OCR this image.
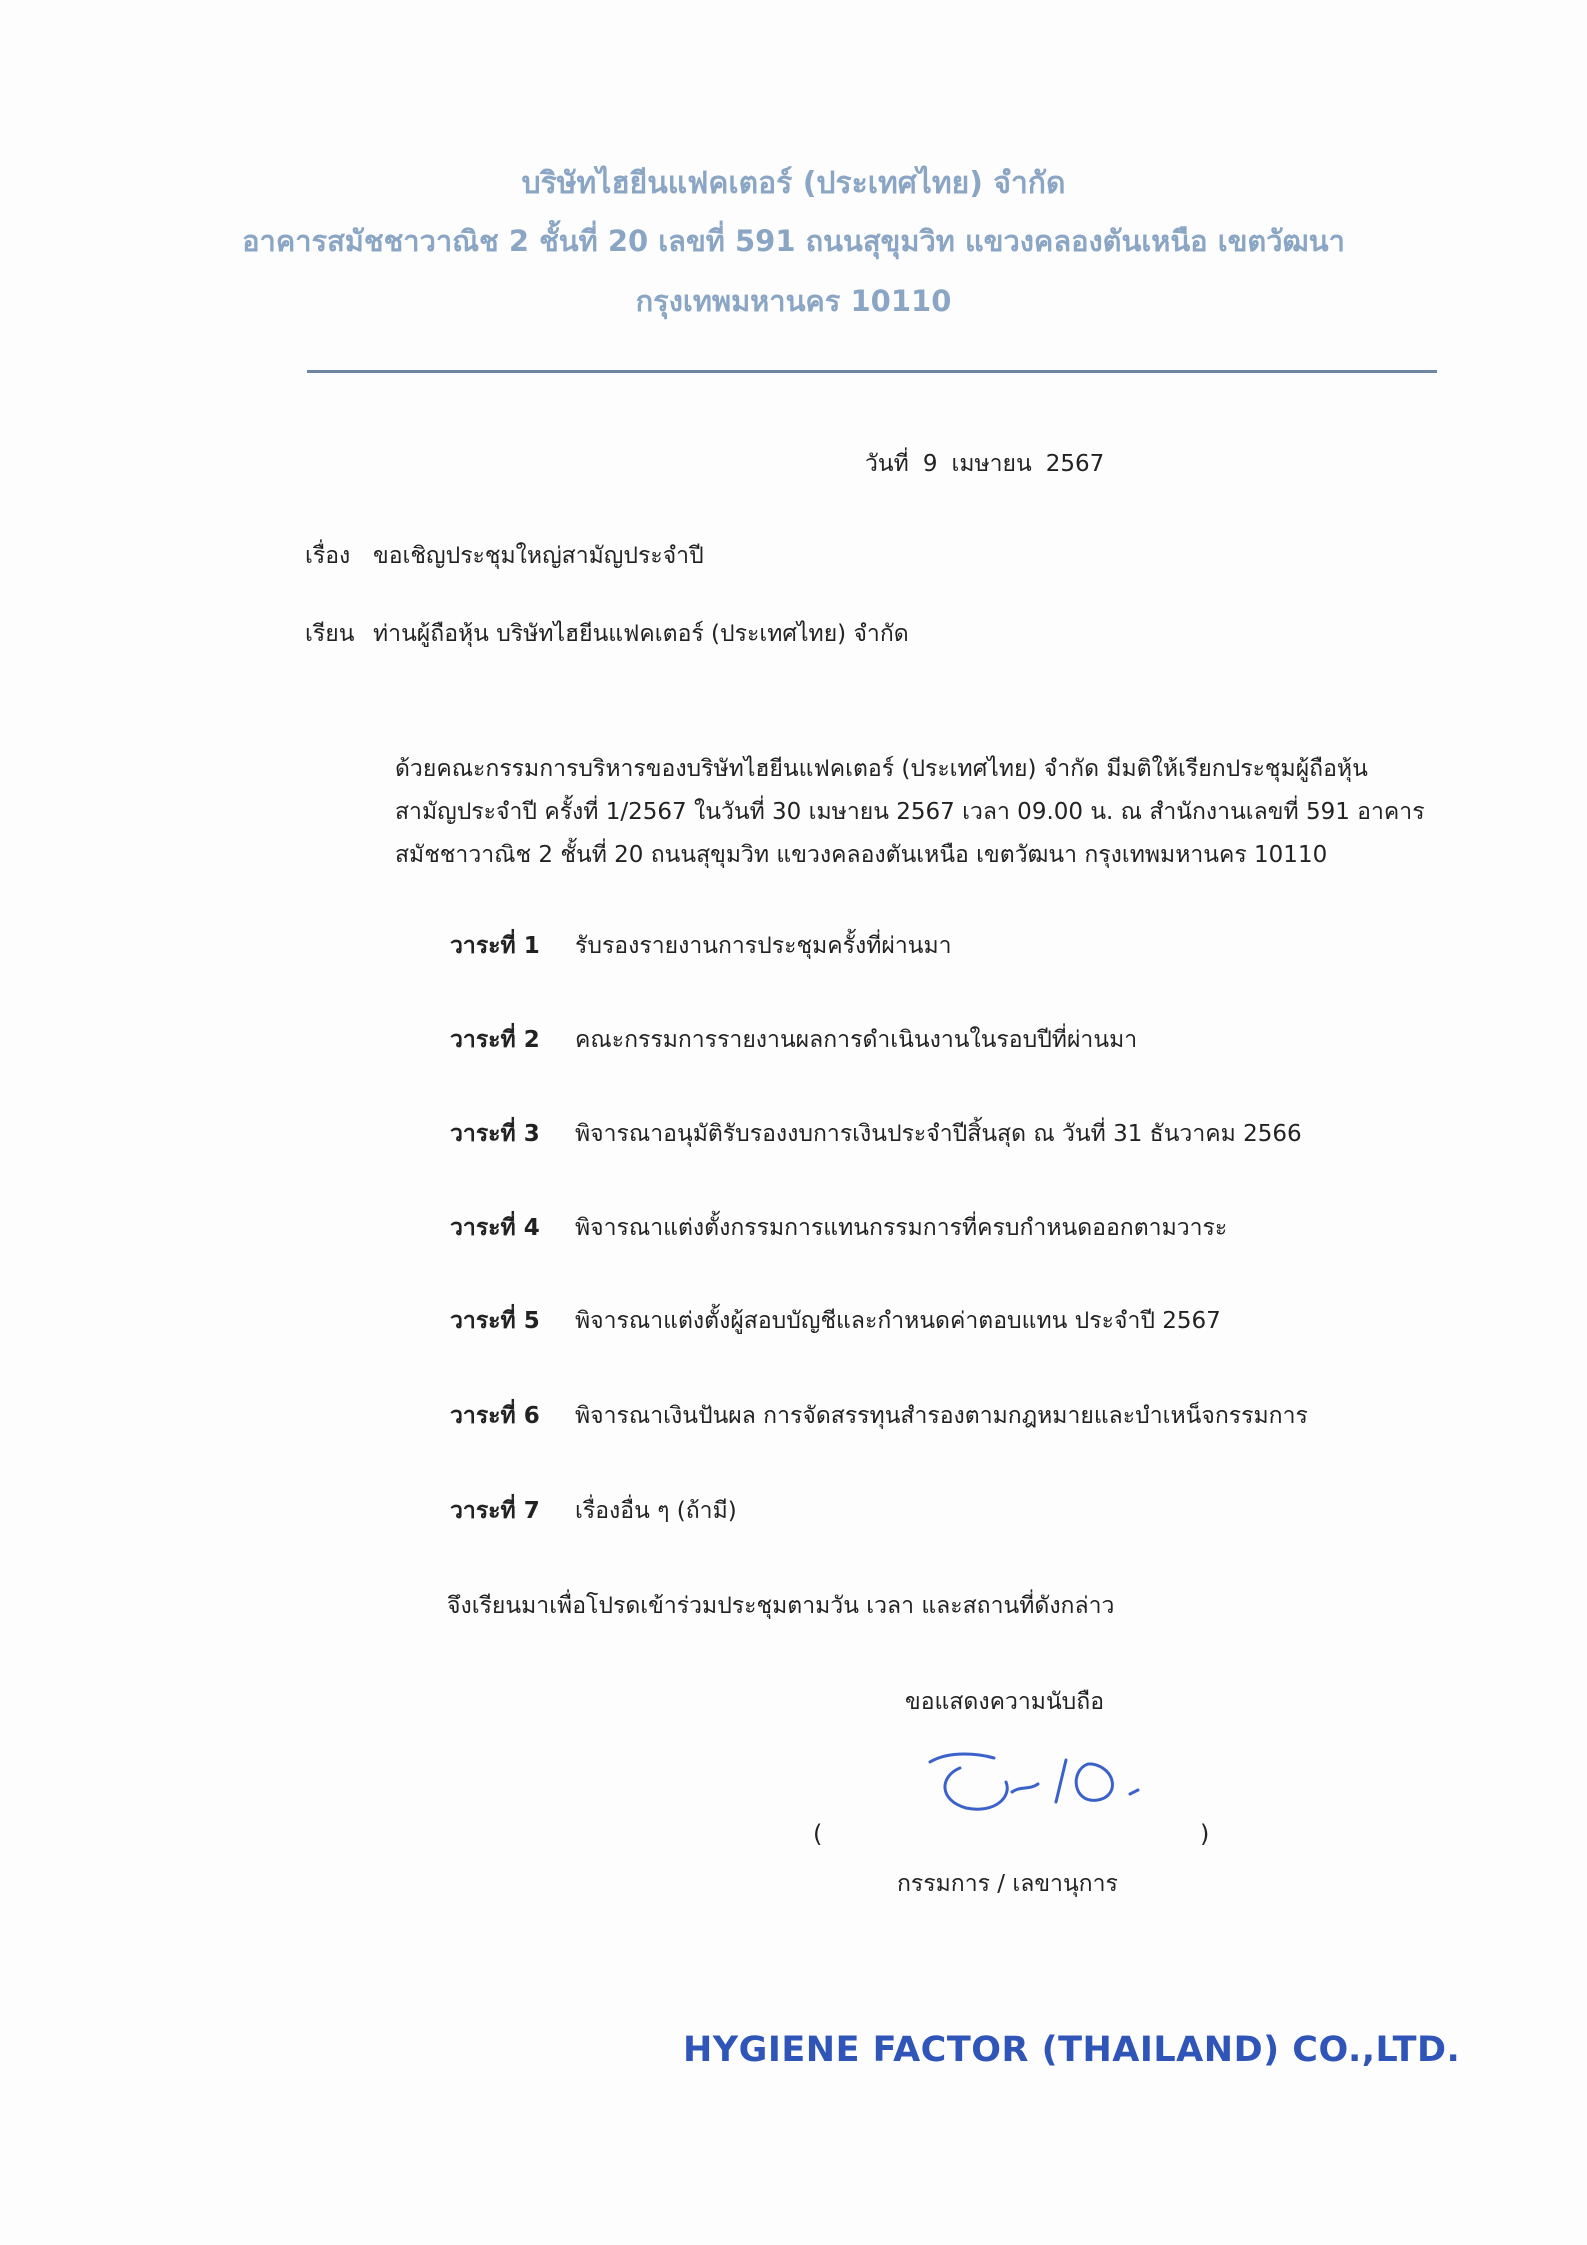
บริษัทไฮยีนแฟคเตอร์ (ประเทศไทย) จำกัด
อาคารสมัชชาวาณิช 2 ชั้นที่ 20 เลขที่ 591 ถนนสุขุมวิท แขวงคลองตันเหนือ เขตวัฒนา
กรุงเทพมหานคร 10110
วันที่ 9 เมษายน 2567
เรื่อง ขอเชิญประชุมใหญ่สามัญประจำปี
เรียน ท่านผู้ถือหุ้น บริษัทไฮยีนแฟคเตอร์ (ประเทศไทย) จำกัด

ด้วยคณะกรรมการบริหารของบริษัทไฮยีนแฟคเตอร์ (ประเทศไทย) จำกัด มีมติให้เรียกประชุมผู้ถือหุ้น

สามัญประจำปี ครั้งที่ 1/2567 ในวันที่ 30 เมษายน 2567 เวลา 09.00 น. ณ สำนักงานเลขที่ 591 อาคาร

สมัชชาวาณิช 2 ชั้นที่ 20 ถนนสุขุมวิท แขวงคลองตันเหนือ เขตวัฒนา กรุงเทพมหานคร 10110

วาระที่ 1 รับรองรายงานการประชุมครั้งที่ผ่านมา
วาระที่ 2 คณะกรรมการรายงานผลการดำเนินงานในรอบปีที่ผ่านมา
วาระที่ 3 พิจารณาอนุมัติรับรองงบการเงินประจำปีสิ้นสุด ณ วันที่ 31 ธันวาคม 2566
วาระที่ 4 พิจารณาแต่งตั้งกรรมการแทนกรรมการที่ครบกำหนดออกตามวาระ
วาระที่ 5 พิจารณาแต่งตั้งผู้สอบบัญชีและกำหนดค่าตอบแทน ประจำปี 2567
วาระที่ 6 พิจารณาเงินปันผล การจัดสรรทุนสำรองตามกฎหมายและบำเหน็จกรรมการ
วาระที่ 7 เรื่องอื่น ๆ (ถ้ามี)
จึงเรียนมาเพื่อโปรดเข้าร่วมประชุมตามวัน เวลา และสถานที่ดังกล่าว
ขอแสดงความนับถือ
(	)
กรรมการ / เลขานุการ
HYGIENE FACTOR (THAILAND) CO.,LTD.
